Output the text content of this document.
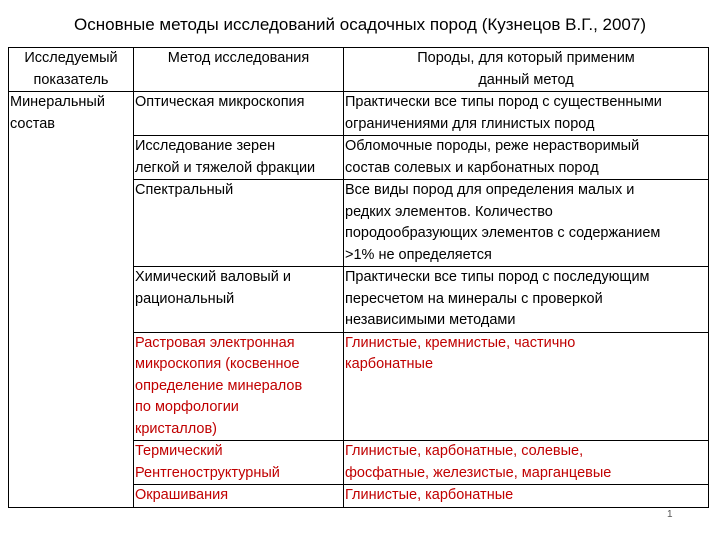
Основные методы исследований осадочных пород (Кузнецов В.Г., 2007)
Исследуемый
показатель	Метод исследования	Породы, для который применим
данный метод

Минеральный
состав	Оптическая микроскопия	Практически все типы пород с существенными
ограничениями для глинистых пород

	Исследование зерен
легкой и тяжелой фракции	Обломочные породы, реже нерастворимый
состав солевых и карбонатных пород

	Спектральный	Все виды пород для определения малых и
редких элементов. Количество
породообразующих элементов с содержанием
>1% не определяется

	Химический валовый и
рациональный	Практически все типы пород с последующим
пересчетом на минералы с проверкой
независимыми методами

	Растровая электронная
микроскопия (косвенное
определение минералов
по морфологии
кристаллов)	Глинистые, кремнистые, частично
карбонатные

	Термический
Рентгеноструктурный	Глинистые, карбонатные, солевые,
фосфатные, железистые, марганцевые

	Окрашивания	Глинистые, карбонатные
1
